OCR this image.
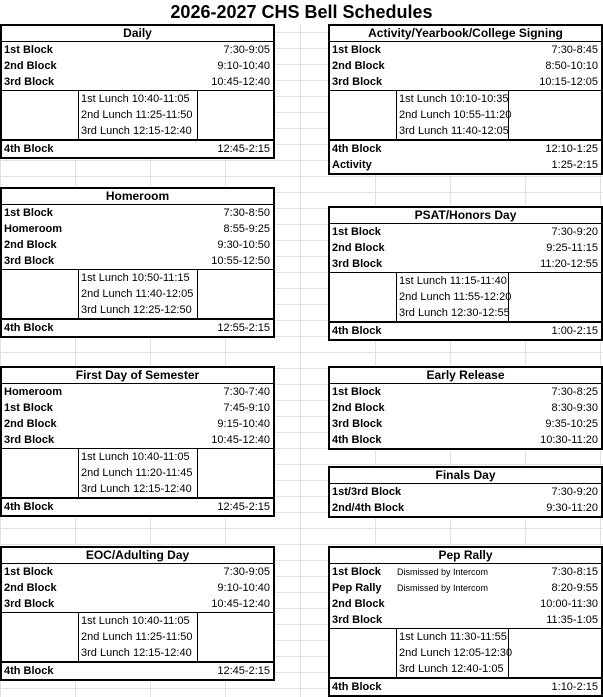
2026-2027 CHS Bell Schedules
Daily
1st Block	7:30-9:05
2nd Block	9:10-10:40
3rd Block	10:45-12:40
1st Lunch 10:40-11:05
2nd Lunch 11:25-11:50
3rd Lunch 12:15-12:40
4th Block	12:45-2:15
Homeroom
1st Block	7:30-8:50
Homeroom	8:55-9:25
2nd Block	9:30-10:50
3rd Block	10:55-12:50
1st Lunch 10:50-11:15
2nd Lunch 11:40-12:05
3rd Lunch 12:25-12:50
4th Block	12:55-2:15
First Day of Semester
Homeroom	7:30-7:40
1st Block	7:45-9:10
2nd Block	9:15-10:40
3rd Block	10:45-12:40
1st Lunch 10:40-11:05
2nd Lunch 11:20-11:45
3rd Lunch 12:15-12:40
4th Block	12:45-2:15
EOC/Adulting Day
1st Block	7:30-9:05
2nd Block	9:10-10:40
3rd Block	10:45-12:40
1st Lunch 10:40-11:05
2nd Lunch 11:25-11:50
3rd Lunch 12:15-12:40
4th Block	12:45-2:15
Activity/Yearbook/College Signing
1st Block	7:30-8:45
2nd Block	8:50-10:10
3rd Block	10:15-12:05
1st Lunch 10:10-10:35
2nd Lunch 10:55-11:20
3rd Lunch 11:40-12:05
4th Block	12:10-1:25
Activity	1:25-2:15
PSAT/Honors Day
1st Block	7:30-9:20
2nd Block	9:25-11:15
3rd Block	11:20-12:55
1st Lunch 11:15-11:40
2nd Lunch 11:55-12:20
3rd Lunch 12:30-12:55
4th Block	1:00-2:15
Early Release
1st Block	7:30-8:25
2nd Block	8:30-9:30
3rd Block	9:35-10:25
4th Block	10:30-11:20
Finals Day
1st/3rd Block	7:30-9:20
2nd/4th Block	9:30-11:20
Pep Rally
1st Block Dismissed by Intercom	7:30-8:15
Pep Rally Dismissed by Intercom	8:20-9:55
2nd Block	10:00-11:30
3rd Block	11:35-1:05
1st Lunch 11:30-11:55
2nd Lunch 12:05-12:30
3rd Lunch 12:40-1:05
4th Block	1:10-2:15
